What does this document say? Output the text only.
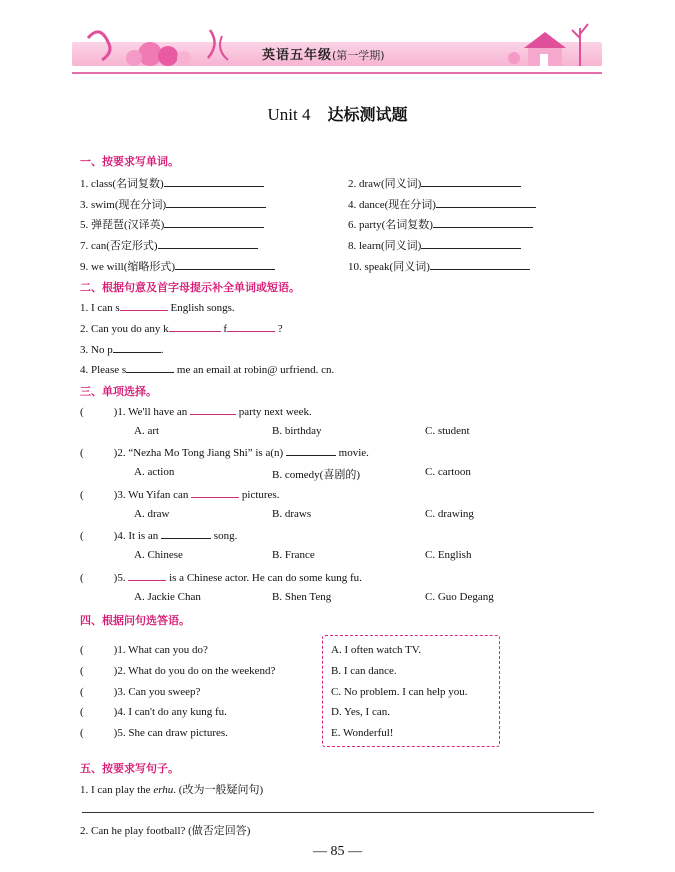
英语五年级(第一学期)
Unit 4 达标测试题
一、按要求写单词。
1. class(名词复数)	2. draw(同义词)
3. swim(现在分词)	4. dance(现在分词)
5. 弹琵琶(汉译英)	6. party(名词复数)
7. can(否定形式)	8. learn(同义词)
9. we will(缩略形式)	10. speak(同义词)
二、根据句意及首字母提示补全单词或短语。
1. I can s	English songs.
2. Can you do any k	f	?
3. No p	.
4. Please s	me an email at robin@ urfriend. cn.
三、单项选择。
(	)1. We'll have an	party next week.
A. art	B. birthday	C. student
(	)2. “Nezha Mo Tong Jiang Shi” is a(n)	movie.
A. action	B. comedy(喜剧的)	C. cartoon
(	)3. Wu Yifan can	pictures.
A. draw	B. draws	C. drawing
(	)4. It is an	song.
A. Chinese	B. France	C. English
(	)5.	is a Chinese actor. He can do some kung fu.
A. Jackie Chan	B. Shen Teng	C. Guo Degang
四、根据问句选答语。
(	)1. What can you do?
(	)2. What do you do on the weekend?
(	)3. Can you sweep?
(	)4. I can't do any kung fu.
(	)5. She can draw pictures.
A. I often watch TV.
B. I can dance.
C. No problem. I can help you.
D. Yes, I can.
E. Wonderful!
五、按要求写句子。
1. I can play the erhu. (改为一般疑问句)
2. Can he play football? (做否定回答)
— 85 —
